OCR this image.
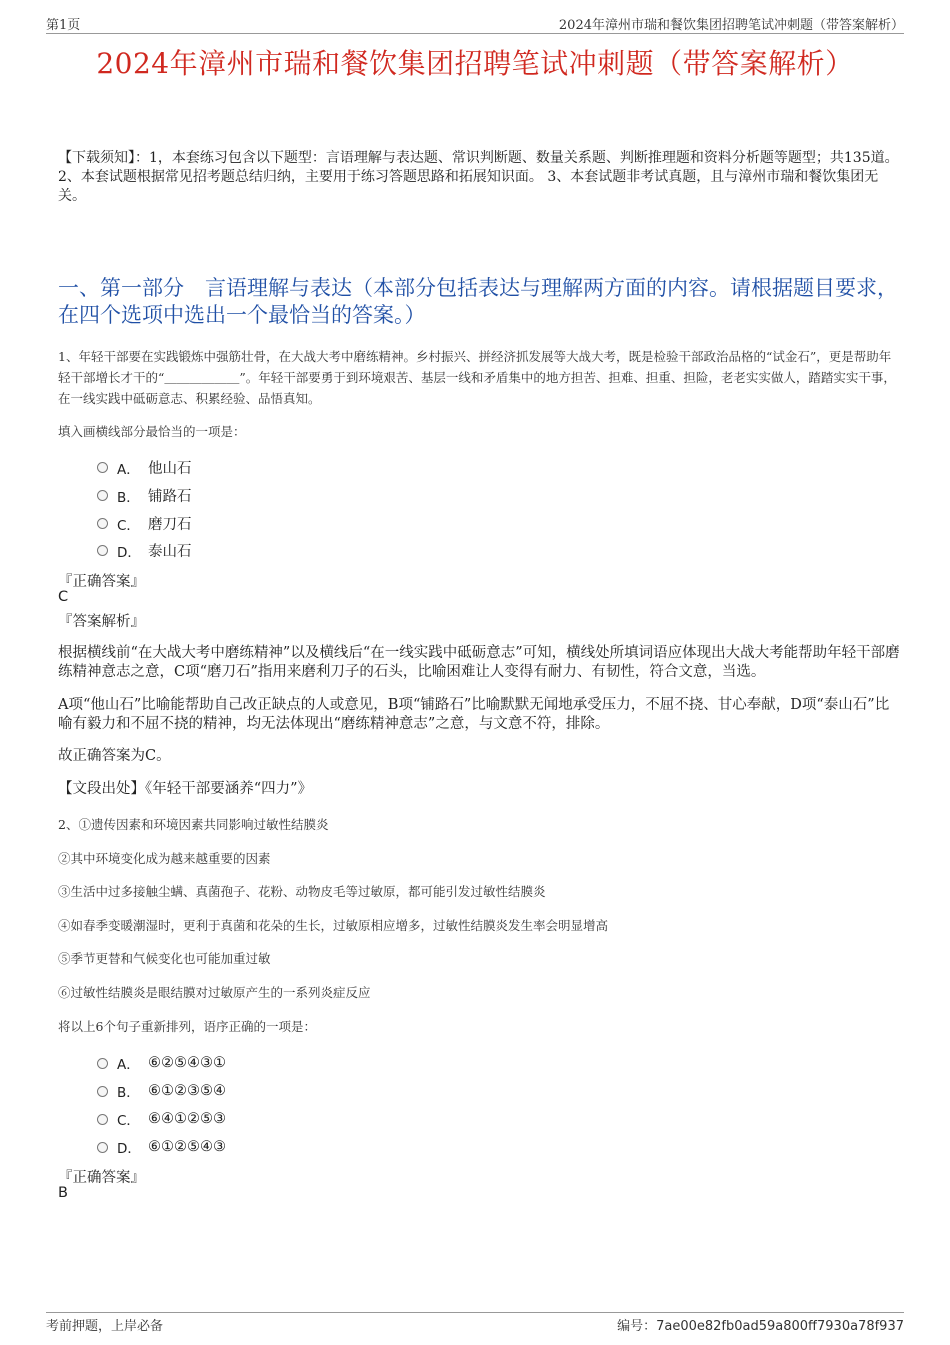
第1页	2024年漳州市瑞和餐饮集团招聘笔试冲刺题（带答案解析）
2024年漳州市瑞和餐饮集团招聘笔试冲刺题（带答案解析）
【下载须知】：1，本套练习包含以下题型：言语理解与表达题、常识判断题、数量关系题、判断推理题和资料分析题等题型；共135道。 2、本套试题根据常见招考题总结归纳，主要用于练习答题思路和拓展知识面。 3、本套试题非考试真题，且与漳州市瑞和餐饮集团无关。
一、第一部分　言语理解与表达（本部分包括表达与理解两方面的内容。请根据题目要求，在四个选项中选出一个最恰当的答案。）
1、年轻干部要在实践锻炼中强筋壮骨，在大战大考中磨练精神。乡村振兴、拼经济抓发展等大战大考，既是检验干部政治品格的“试金石”，更是帮助年轻干部增长才干的“＿＿＿＿＿＿”。年轻干部要勇于到环境艰苦、基层一线和矛盾集中的地方担苦、担难、担重、担险，老老实实做人，踏踏实实干事，在一线实践中砥砺意志、积累经验、品悟真知。
填入画横线部分最恰当的一项是：
A． 他山石
B． 铺路石
C． 磨刀石
D． 泰山石
『正确答案』
C
『答案解析』
根据横线前“在大战大考中磨练精神”以及横线后“在一线实践中砥砺意志”可知，横线处所填词语应体现出大战大考能帮助年轻干部磨练精神意志之意，C项“磨刀石”指用来磨利刀子的石头，比喻困难让人变得有耐力、有韧性，符合文意，当选。
A项“他山石”比喻能帮助自己改正缺点的人或意见，B项“铺路石”比喻默默无闻地承受压力，不屈不挠、甘心奉献，D项“泰山石”比喻有毅力和不屈不挠的精神，均无法体现出“磨练精神意志”之意，与文意不符，排除。
故正确答案为C。
【文段出处】《年轻干部要涵养“四力”》
2、①遗传因素和环境因素共同影响过敏性结膜炎
②其中环境变化成为越来越重要的因素
③生活中过多接触尘螨、真菌孢子、花粉、动物皮毛等过敏原，都可能引发过敏性结膜炎
④如春季变暖潮湿时，更利于真菌和花朵的生长，过敏原相应增多，过敏性结膜炎发生率会明显增高
⑤季节更替和气候变化也可能加重过敏
⑥过敏性结膜炎是眼结膜对过敏原产生的一系列炎症反应
将以上6个句子重新排列，语序正确的一项是：
A． ⑥②⑤④③①
B． ⑥①②③⑤④
C． ⑥④①②⑤③
D． ⑥①②⑤④③
『正确答案』
B
考前押题，上岸必备	编号：7ae00e82fb0ad59a800ff7930a78f937
